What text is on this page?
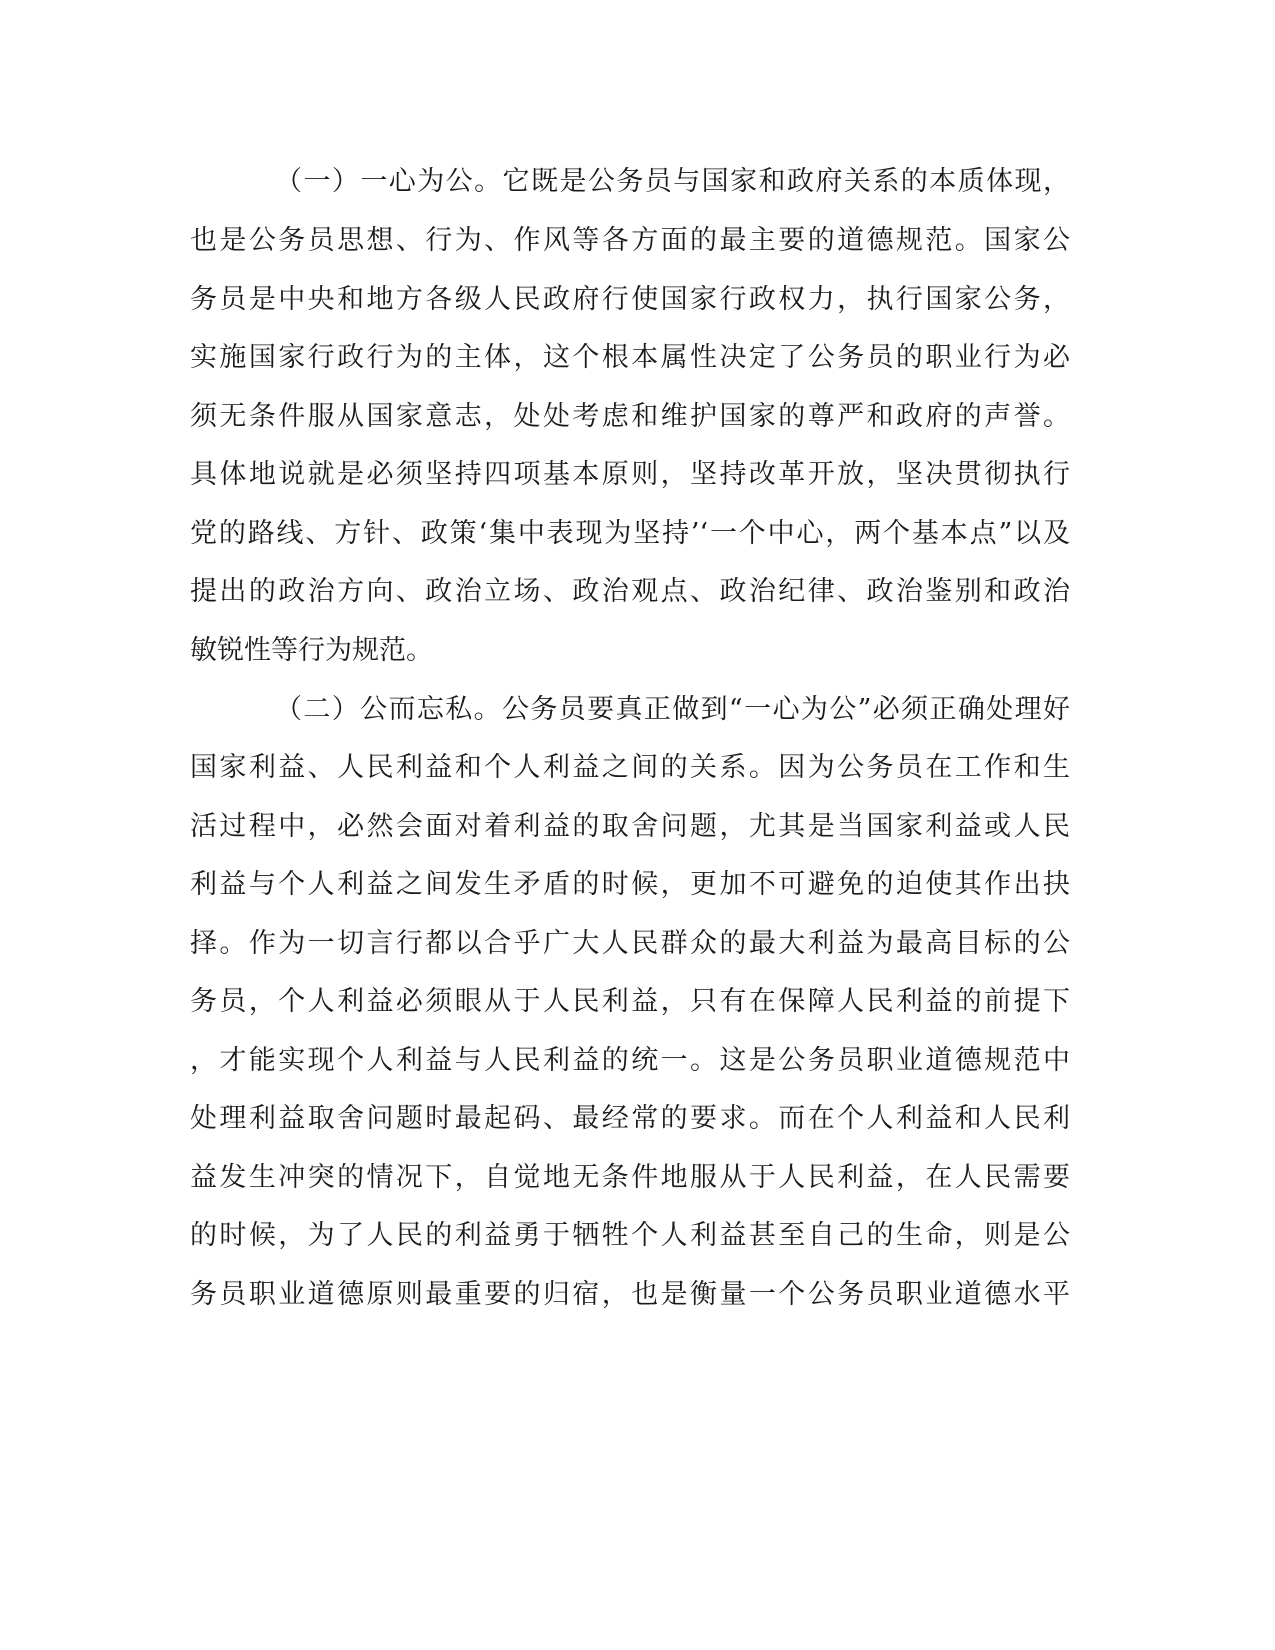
（一）一心为公。它既是公务员与国家和政府关系的本质体现，
也是公务员思想、行为、作风等各方面的最主要的道德规范。国家公
务员是中央和地方各级人民政府行使国家行政权力，执行国家公务，
实施国家行政行为的主体，这个根本属性决定了公务员的职业行为必
须无条件服从国家意志，处处考虑和维护国家的尊严和政府的声誉。
具体地说就是必须坚持四项基本原则，坚持改革开放，坚决贯彻执行
党的路线、方针、政策‘集中表现为坚持’‘一个中心，两个基本点”以及
提出的政治方向、政治立场、政治观点、政治纪律、政治鉴别和政治
敏锐性等行为规范。
（二）公而忘私。公务员要真正做到“一心为公”必须正确处理好
国家利益、人民利益和个人利益之间的关系。因为公务员在工作和生
活过程中，必然会面对着利益的取舍问题，尤其是当国家利益或人民
利益与个人利益之间发生矛盾的时候，更加不可避免的迫使其作出抉
择。作为一切言行都以合乎广大人民群众的最大利益为最高目标的公
务员，个人利益必须眼从于人民利益，只有在保障人民利益的前提下
，才能实现个人利益与人民利益的统一。这是公务员职业道德规范中
处理利益取舍问题时最起码、最经常的要求。而在个人利益和人民利
益发生冲突的情况下，自觉地无条件地服从于人民利益，在人民需要
的时候，为了人民的利益勇于牺牲个人利益甚至自己的生命，则是公
务员职业道德原则最重要的归宿，也是衡量一个公务员职业道德水平
